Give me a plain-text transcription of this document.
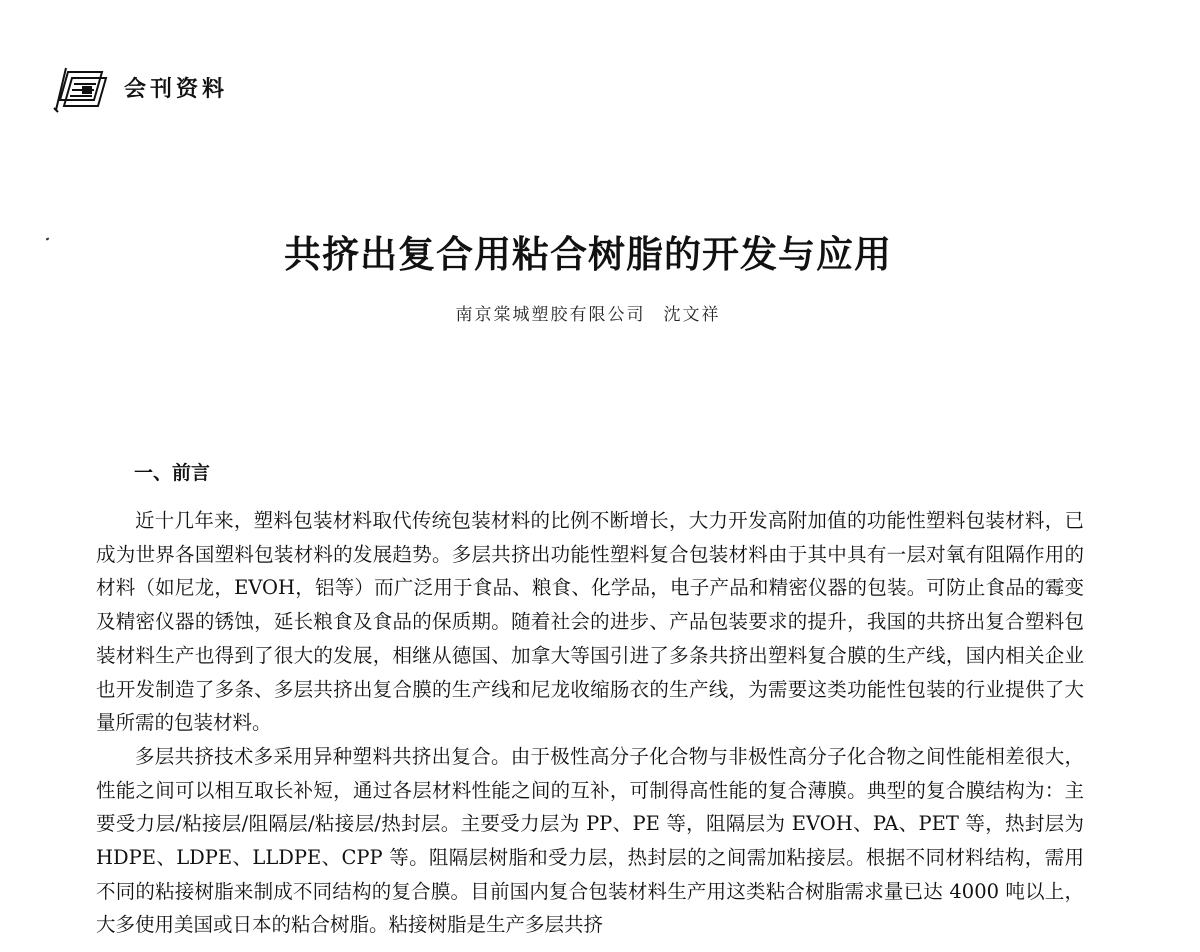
会刊资料
共挤出复合用粘合树脂的开发与应用
南京棠城塑胶有限公司 沈文祥
一、前言

近十几年来，塑料包装材料取代传统包装材料的比例不断增长，大力开发高附加值的功能性塑料包装材料，已成为世界各国塑料包装材料的发展趋势。多层共挤出功能性塑料复合包装材料由于其中具有一层对氧有阻隔作用的材料（如尼龙，EVOH，铝等）而广泛用于食品、粮食、化学品，电子产品和精密仪器的包装。可防止食品的霉变及精密仪器的锈蚀，延长粮食及食品的保质期。随着社会的进步、产品包装要求的提升，我国的共挤出复合塑料包装材料生产也得到了很大的发展，相继从德国、加拿大等国引进了多条共挤出塑料复合膜的生产线，国内相关企业也开发制造了多条、多层共挤出复合膜的生产线和尼龙收缩肠衣的生产线，为需要这类功能性包装的行业提供了大量所需的包装材料。

多层共挤技术多采用异种塑料共挤出复合。由于极性高分子化合物与非极性高分子化合物之间性能相差很大，性能之间可以相互取长补短，通过各层材料性能之间的互补，可制得高性能的复合薄膜。典型的复合膜结构为：主要受力层/粘接层/阻隔层/粘接层/热封层。主要受力层为 PP、PE 等，阻隔层为 EVOH、PA、PET 等，热封层为 HDPE、LDPE、LLDPE、CPP 等。阻隔层树脂和受力层，热封层的之间需加粘接层。根据不同材料结构，需用不同的粘接树脂来制成不同结构的复合膜。目前国内复合包装材料生产用这类粘合树脂需求量已达 4000 吨以上，大多使用美国或日本的粘合树脂。粘接树脂是生产多层共挤
